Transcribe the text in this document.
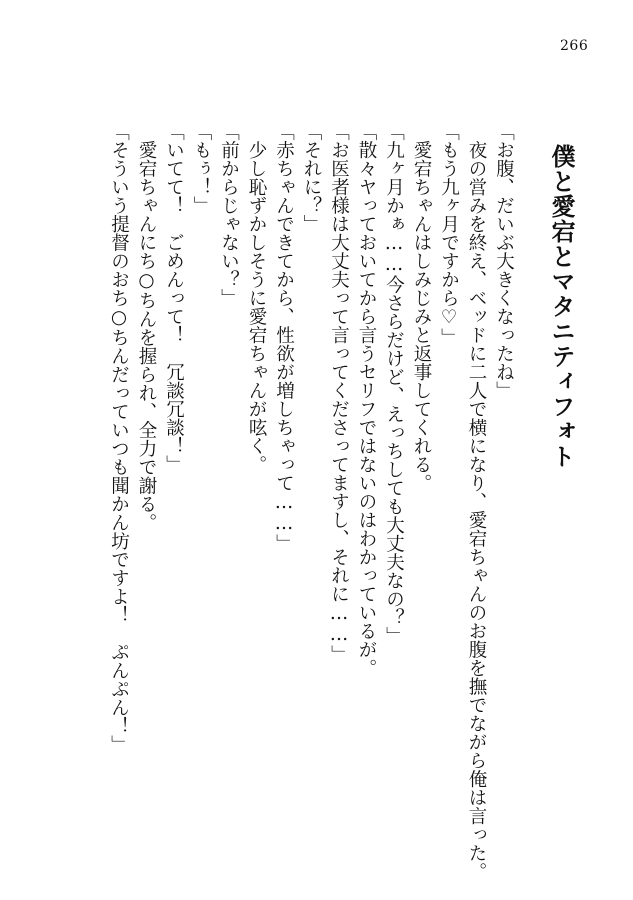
266
僕と愛宕とマタニティフォト
「お腹、だいぶ大きくなったね」
　夜の営みを終え、ベッドに二人で横になり、愛宕ちゃんのお腹を撫でながら俺は言った。
「もう九ヶ月ですから♡」
　愛宕ちゃんはしみじみと返事してくれる。
「九ヶ月かぁ……今さらだけど、えっちしても大丈夫なの？」
「散々ヤっておいてから言うセリフではないのはわかっているが。
「お医者様は大丈夫って言ってくださってますし、それに……」
「それに？」
「赤ちゃんできてから、性欲が増しちゃって……」
　少し恥ずかしそうに愛宕ちゃんが呟く。
「前からじゃない？」
「もぅ！」
「いてて！　ごめんって！　冗談冗談！」
　愛宕ちゃんにち○ちんを握られ、全力で謝る。
「そういう提督のおち○ちんだっていつも聞かん坊ですよ！　ぷんぷん！」
